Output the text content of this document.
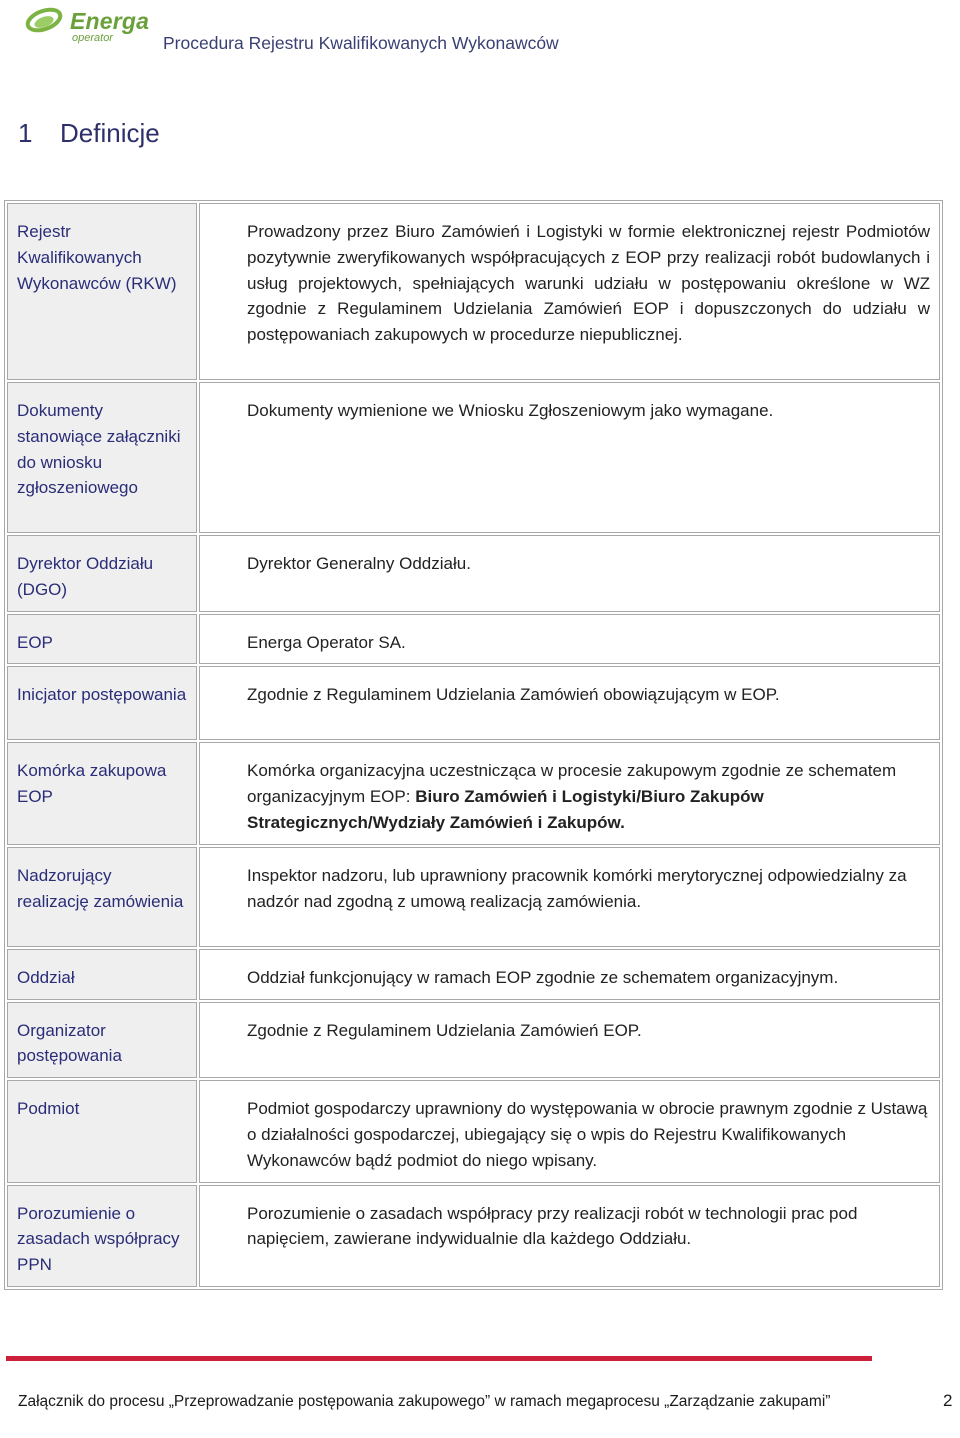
Energa
operator	Procedura Rejestru Kwalifikowanych Wykonawców
1 Definicje
Rejestr Kwalifikowanych Wykonawców (RKW)	Prowadzony przez Biuro Zamówień i Logistyki w formie elektronicznej rejestr Podmiotów pozytywnie zweryfikowanych współpracujących z EOP przy realizacji robót budowlanych i usług projektowych, spełniających warunki udziału w postępowaniu określone w WZ zgodnie z Regulaminem Udzielania Zamówień EOP i dopuszczonych do udziału w postępowaniach zakupowych w procedurze niepublicznej.
Dokumenty stanowiące załączniki do wniosku zgłoszeniowego	Dokumenty wymienione we Wniosku Zgłoszeniowym jako wymagane.
Dyrektor Oddziału (DGO)	Dyrektor Generalny Oddziału.
EOP	Energa Operator SA.
Inicjator postępowania	Zgodnie z Regulaminem Udzielania Zamówień obowiązującym w EOP.
Komórka zakupowa EOP	Komórka organizacyjna uczestnicząca w procesie zakupowym zgodnie ze schematem organizacyjnym EOP: Biuro Zamówień i Logistyki/Biuro Zakupów Strategicznych/Wydziały Zamówień i Zakupów.
Nadzorujący realizację zamówienia	Inspektor nadzoru, lub uprawniony pracownik komórki merytorycznej odpowiedzialny za nadzór nad zgodną z umową realizacją zamówienia.
Oddział	Oddział funkcjonujący w ramach EOP zgodnie ze schematem organizacyjnym.
Organizator postępowania	Zgodnie z Regulaminem Udzielania Zamówień EOP.
Podmiot	Podmiot gospodarczy uprawniony do występowania w obrocie prawnym zgodnie z Ustawą o działalności gospodarczej, ubiegający się o wpis do Rejestru Kwalifikowanych Wykonawców bądź podmiot do niego wpisany.
Porozumienie o zasadach współpracy PPN	Porozumienie o zasadach współpracy przy realizacji robót w technologii prac pod napięciem, zawierane indywidualnie dla każdego Oddziału.
Załącznik do procesu „Przeprowadzanie postępowania zakupowego” w ramach megaprocesu „Zarządzanie zakupami”	2
